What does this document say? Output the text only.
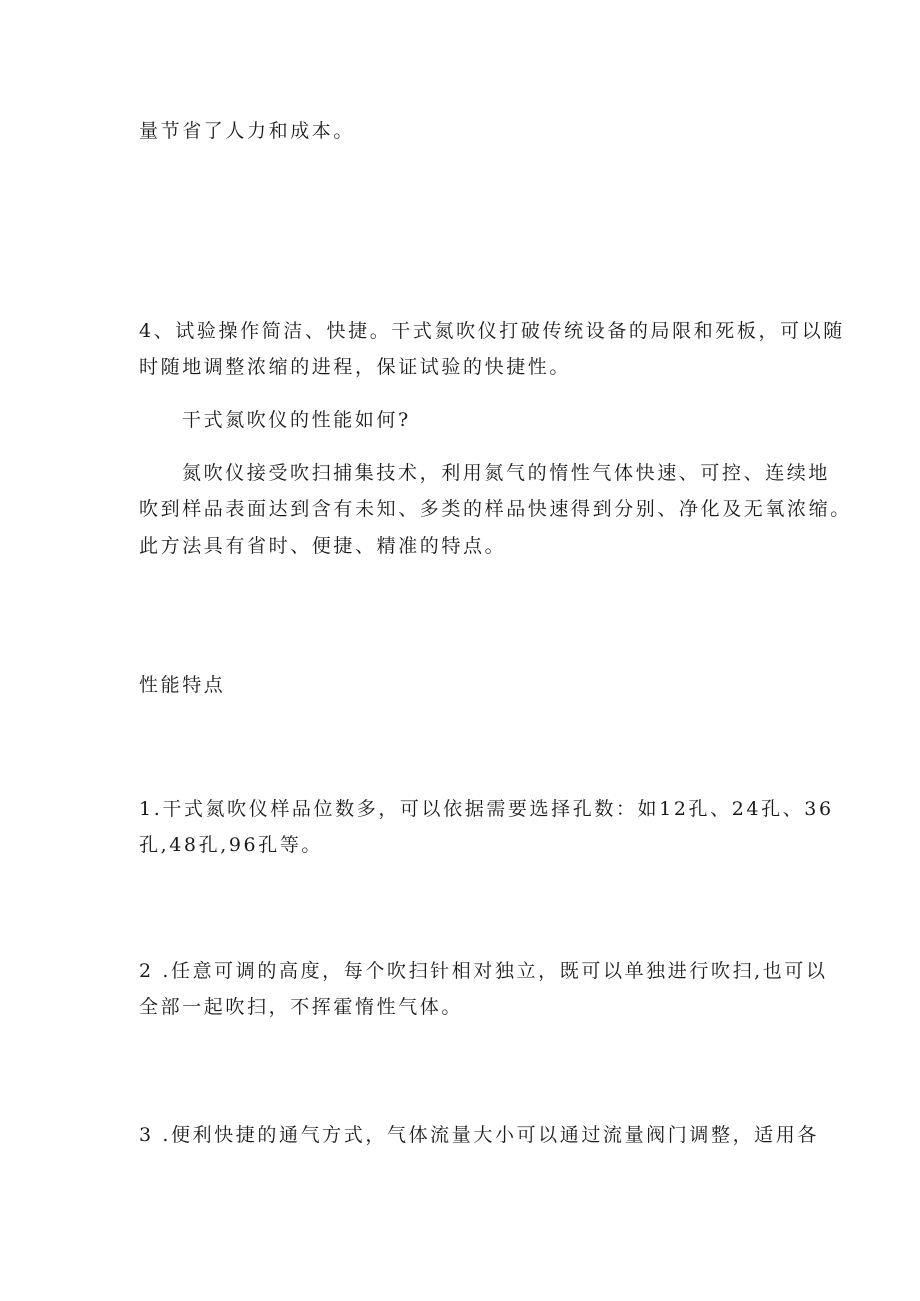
量节省了人力和成本。
4、试验操作简洁、快捷。干式氮吹仪打破传统设备的局限和死板，可以随
时随地调整浓缩的进程，保证试验的快捷性。
干式氮吹仪的性能如何?
氮吹仪接受吹扫捕集技术，利用氮气的惰性气体快速、可控、连续地
吹到样品表面达到含有未知、多类的样品快速得到分别、净化及无氧浓缩。
此方法具有省时、便捷、精准的特点。
性能特点
1.干式氮吹仪样品位数多，可以依据需要选择孔数：如12孔、24孔、36
孔,48孔,96孔等。
2 .任意可调的高度，每个吹扫针相对独立，既可以单独进行吹扫,也可以
全部一起吹扫，不挥霍惰性气体。
3 .便利快捷的通气方式，气体流量大小可以通过流量阀门调整，适用各
